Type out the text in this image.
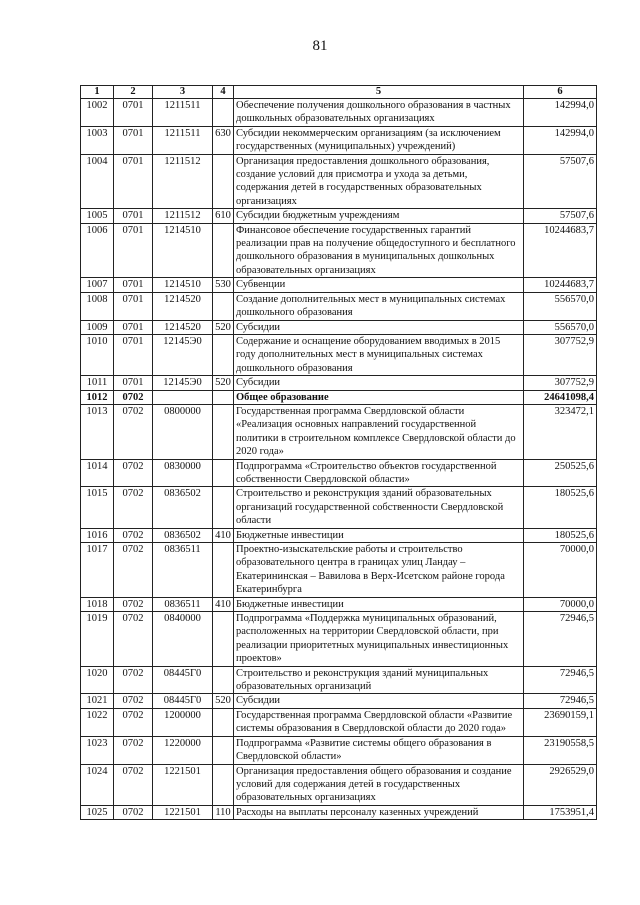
81
1	2	3	4	5	6
1002	0701	1211511		Обеспечение получения дошкольного образования в частных дошкольных образовательных организациях	142994,0
1003	0701	1211511	630	Субсидии некоммерческим организациям (за исключением государственных (муниципальных) учреждений)	142994,0
1004	0701	1211512		Организация предоставления дошкольного образования, создание условий для присмотра и ухода за детьми, содержания детей в государственных образовательных организациях	57507,6
1005	0701	1211512	610	Субсидии бюджетным учреждениям	57507,6
1006	0701	1214510		Финансовое обеспечение государственных гарантий реализации прав на получение общедоступного и бесплатного дошкольного образования в муниципальных дошкольных образовательных организациях	10244683,7
1007	0701	1214510	530	Субвенции	10244683,7
1008	0701	1214520		Создание дополнительных мест в муниципальных системах дошкольного образования	556570,0
1009	0701	1214520	520	Субсидии	556570,0
1010	0701	12145Э0		Содержание и оснащение оборудованием вводимых в 2015 году дополнительных мест в муниципальных системах дошкольного образования	307752,9
1011	0701	12145Э0	520	Субсидии	307752,9
1012	0702			Общее образование	24641098,4
1013	0702	0800000		Государственная программа Свердловской области «Реализация основных направлений государственной политики в строительном комплексе Свердловской области до 2020 года»	323472,1
1014	0702	0830000		Подпрограмма «Строительство объектов государственной собственности Свердловской области»	250525,6
1015	0702	0836502		Строительство и реконструкция зданий образовательных организаций государственной собственности Свердловской области	180525,6
1016	0702	0836502	410	Бюджетные инвестиции	180525,6
1017	0702	0836511		Проектно-изыскательские работы и строительство образовательного центра в границах улиц Ландау – Екатерининская – Вавилова в Верх-Исетском районе города Екатеринбурга	70000,0
1018	0702	0836511	410	Бюджетные инвестиции	70000,0
1019	0702	0840000		Подпрограмма «Поддержка муниципальных образований, расположенных на территории Свердловской области, при реализации приоритетных муниципальных инвестиционных проектов»	72946,5
1020	0702	08445Г0		Строительство и реконструкция зданий муниципальных образовательных организаций	72946,5
1021	0702	08445Г0	520	Субсидии	72946,5
1022	0702	1200000		Государственная программа Свердловской области «Развитие системы образования в Свердловской области до 2020 года»	23690159,1
1023	0702	1220000		Подпрограмма «Развитие системы общего образования в Свердловской области»	23190558,5
1024	0702	1221501		Организация предоставления общего образования и создание условий для содержания детей в государственных образовательных организациях	2926529,0
1025	0702	1221501	110	Расходы на выплаты персоналу казенных учреждений	1753951,4
